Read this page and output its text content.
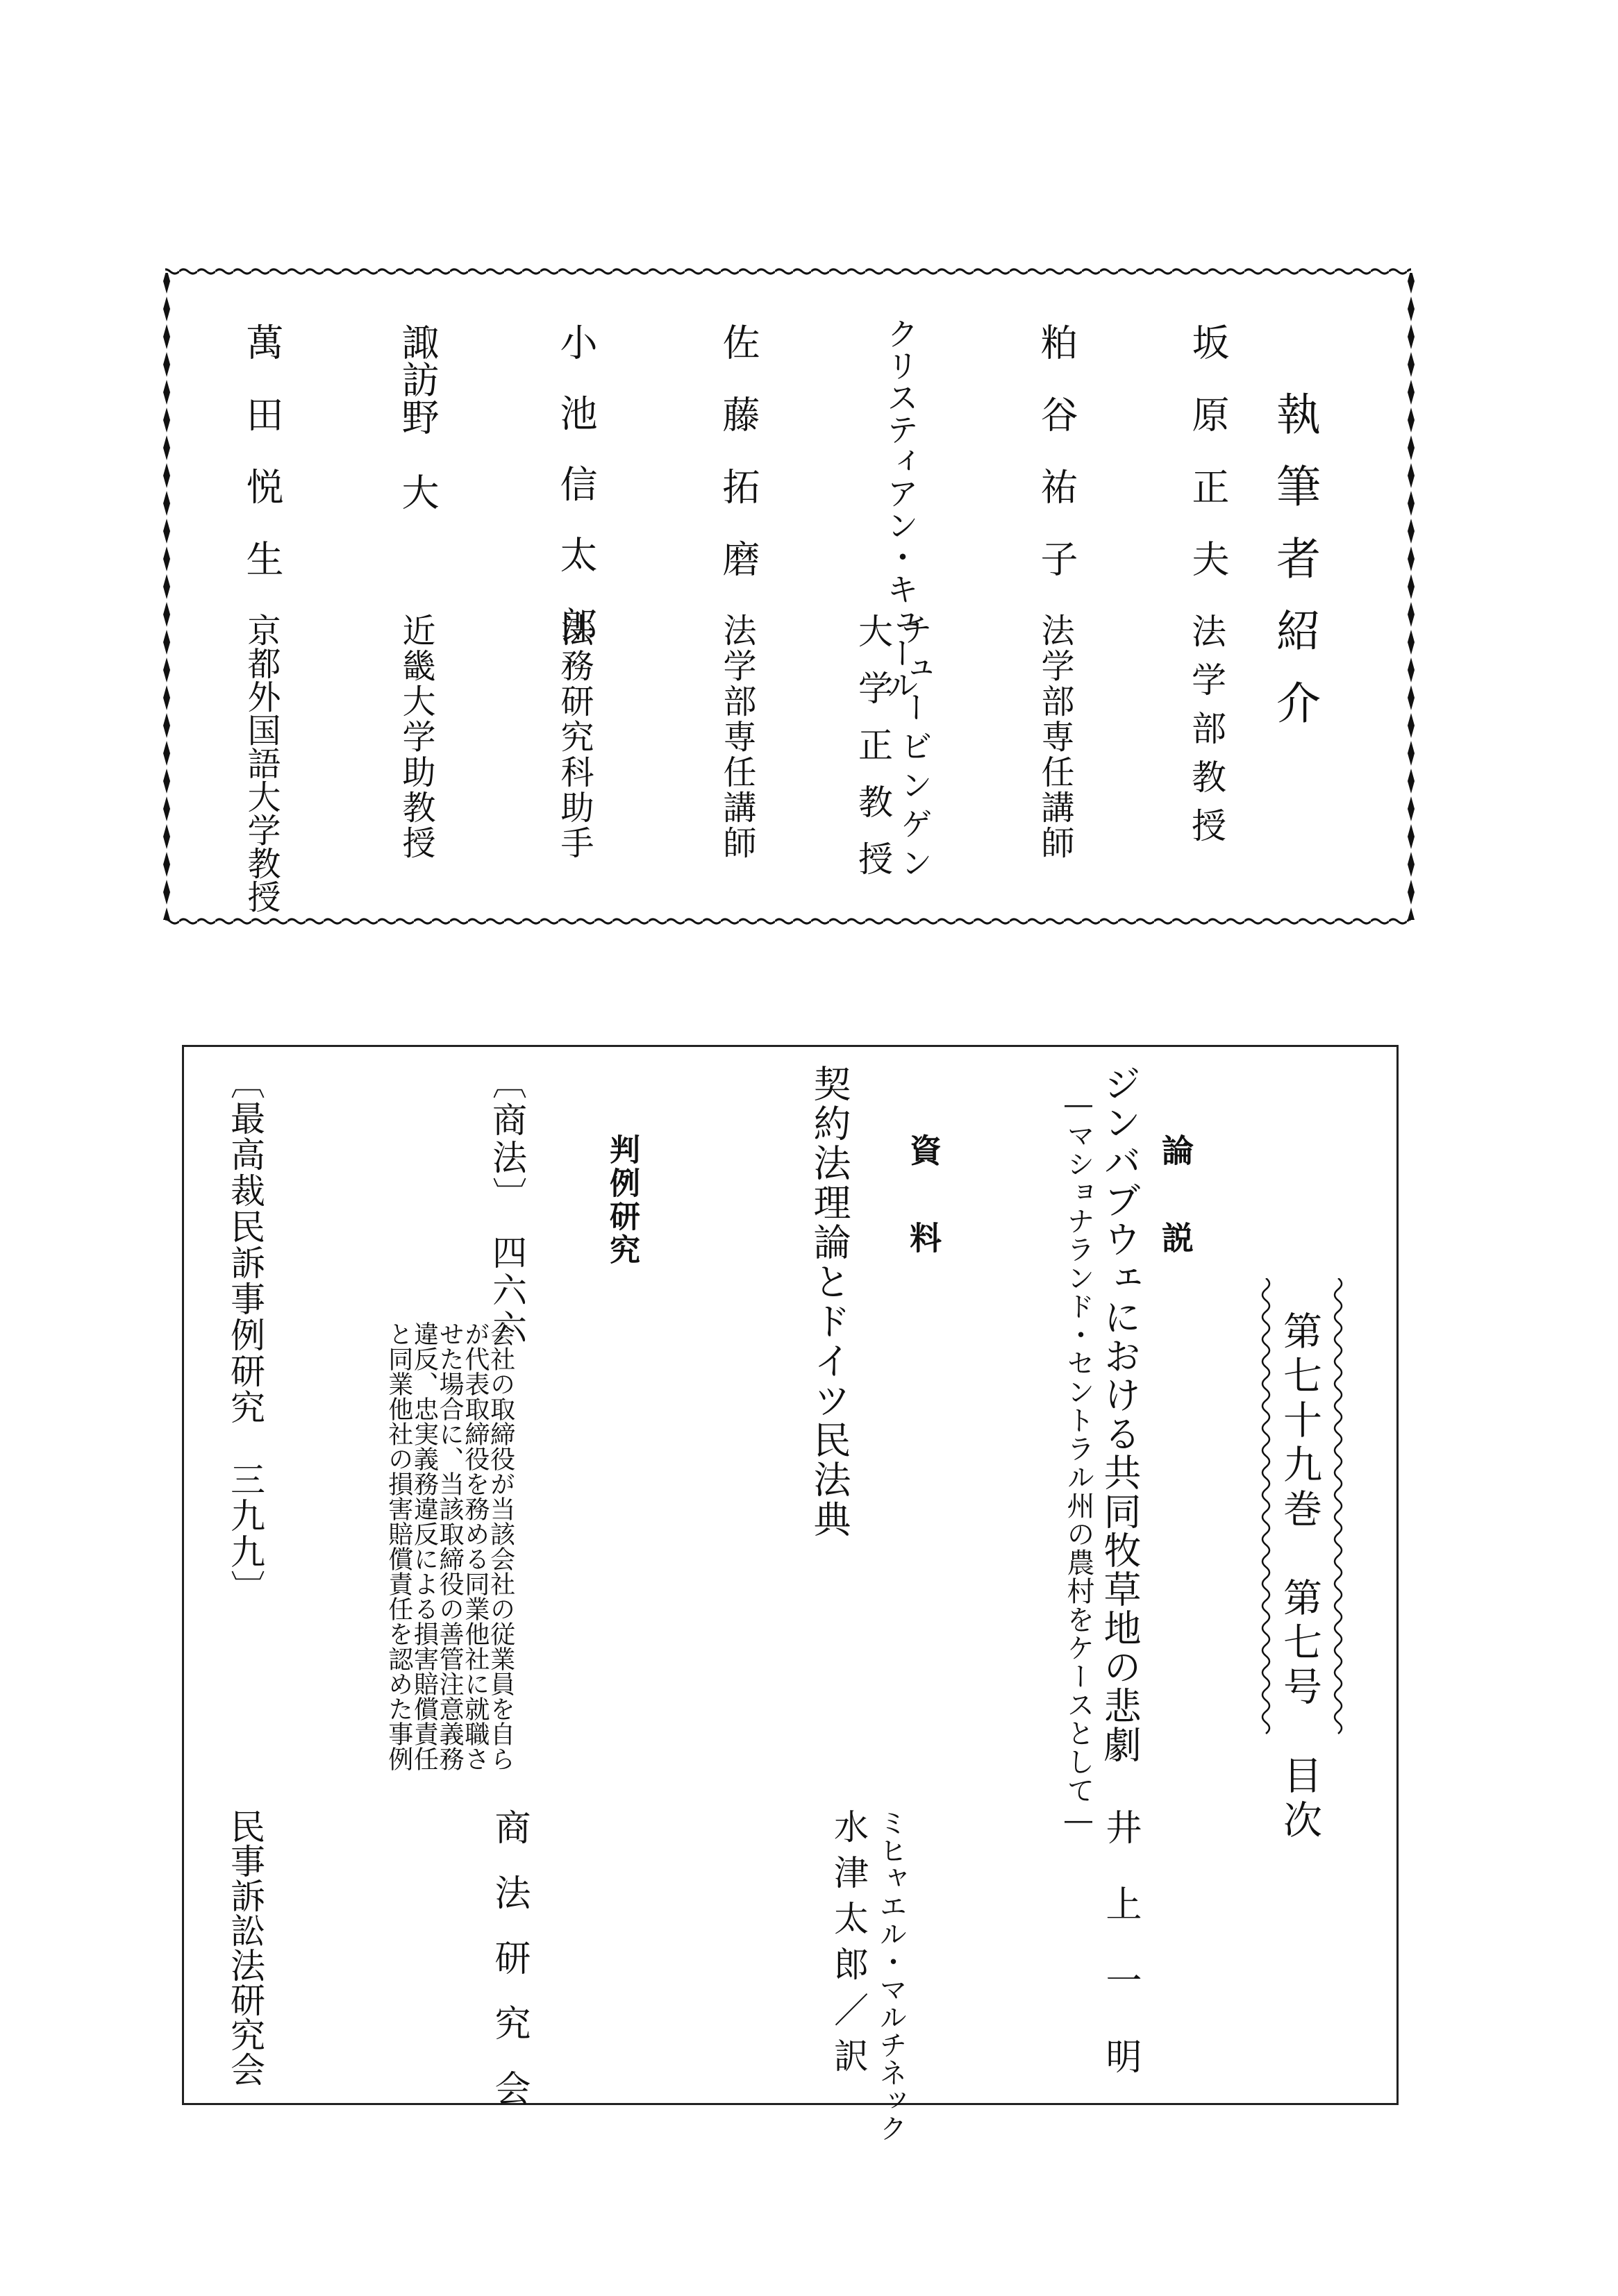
執筆者紹介
坂原正夫
法学部教授
粕谷祐子
法学部専任講師
クリスティアン・キュール
チュービンゲン
大学正教授
佐藤拓磨
法学部専任講師
小池信太郎
法務研究科助手
諏訪野　大
近畿大学助教授
萬田悦生
京都外国語大学教授
第七十九巻　第七号　目次
論説
ジンバブウェにおける共同牧草地の悲劇
―マショナランド・セントラル州の農村をケースとして―
井上一明
資料
契約法理論とドイツ民法典
ミヒャエル・マルチネック
水津太郎／訳
判例研究
〔商法〕　四六六
会社の取締役が当該会社の従業員を自らが代表取締役を務める同業他社に就職させた場合に、当該取締役の善管注意義務違反、忠実義務違反による損害賠償責任と同業他社の損害賠償責任を認めた事例
商法研究会
〔最高裁民訴事例研究　三九九〕
民事訴訟法研究会
